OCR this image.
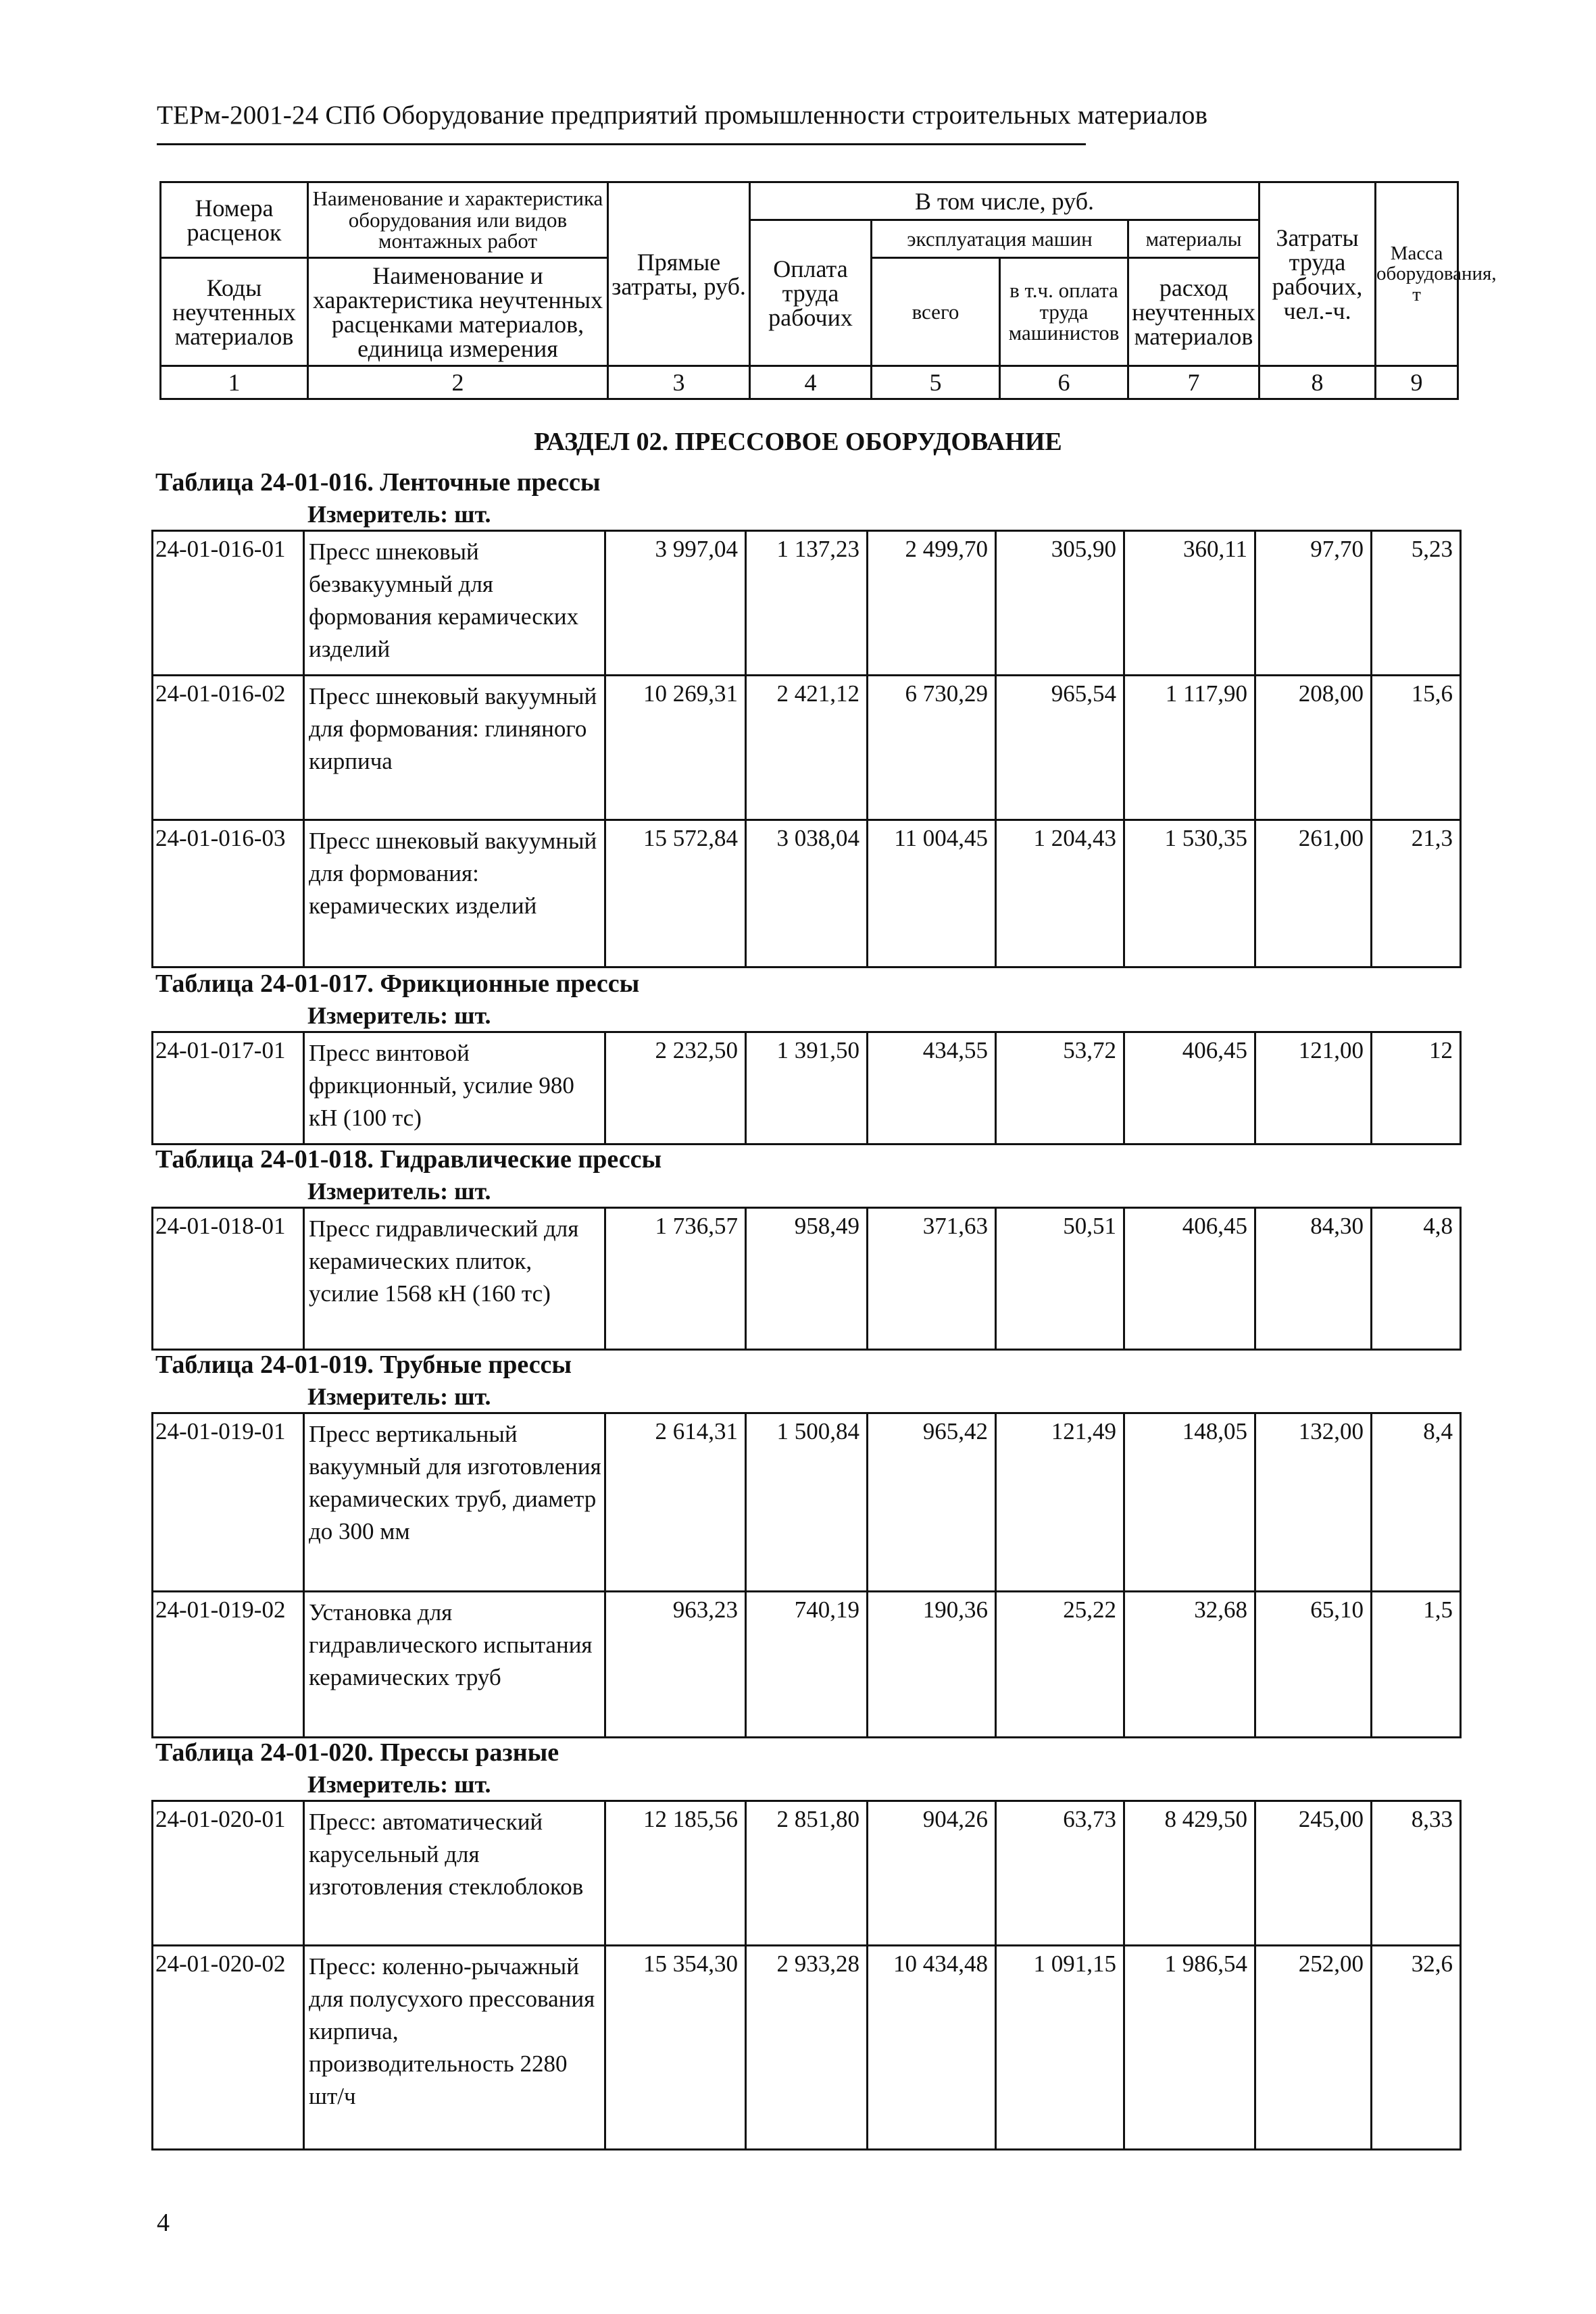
ТЕРм-2001-24 СПб Оборудование предприятий промышленности строительных материалов
Номера расценок	Наименование и характеристика оборудования или видов монтажных работ	Прямые затраты, руб.	В том числе, руб.				Затраты труда рабочих, чел.-ч.	Масса оборудования, т
			Оплата труда рабочих	эксплуатация машин		материалы		
Коды неучтенных материалов	Наименование и характеристика неучтенных расценками материалов, единица измерения			всего	в т.ч. оплата труда машинистов	расход неучтенных материалов		

1	2	3	4	5	6	7	8	9
РАЗДЕЛ 02. ПРЕССОВОЕ ОБОРУДОВАНИЕ
Таблица 24-01-016. Ленточные прессы
Измеритель: шт.
24-01-016-01	Пресс шнековый безвакуумный для формования керамических изделий	3 997,04	1 137,23	2 499,70	305,90	360,11	97,70	5,23
24-01-016-02	Пресс шнековый вакуумный для формования: глиняного кирпича	10 269,31	2 421,12	6 730,29	965,54	1 117,90	208,00	15,6
24-01-016-03	Пресс шнековый вакуумный для формования: керамических изделий	15 572,84	3 038,04	11 004,45	1 204,43	1 530,35	261,00	21,3
Таблица 24-01-017. Фрикционные прессы
Измеритель: шт.
24-01-017-01	Пресс винтовой фрикционный, усилие 980 кН (100 тс)	2 232,50	1 391,50	434,55	53,72	406,45	121,00	12
Таблица 24-01-018. Гидравлические прессы
Измеритель: шт.
24-01-018-01	Пресс гидравлический для керамических плиток, усилие 1568 кН (160 тс)	1 736,57	958,49	371,63	50,51	406,45	84,30	4,8
Таблица 24-01-019. Трубные прессы
Измеритель: шт.
24-01-019-01	Пресс вертикальный вакуумный для изготовления керамических труб, диаметр до 300 мм	2 614,31	1 500,84	965,42	121,49	148,05	132,00	8,4
24-01-019-02	Установка для гидравлического испытания керамических труб	963,23	740,19	190,36	25,22	32,68	65,10	1,5
Таблица 24-01-020. Прессы разные
Измеритель: шт.
24-01-020-01	Пресс: автоматический карусельный для изготовления стеклоблоков	12 185,56	2 851,80	904,26	63,73	8 429,50	245,00	8,33
24-01-020-02	Пресс: коленно-рычажный для полусухого прессования кирпича, производительность 2280 шт/ч	15 354,30	2 933,28	10 434,48	1 091,15	1 986,54	252,00	32,6
4
